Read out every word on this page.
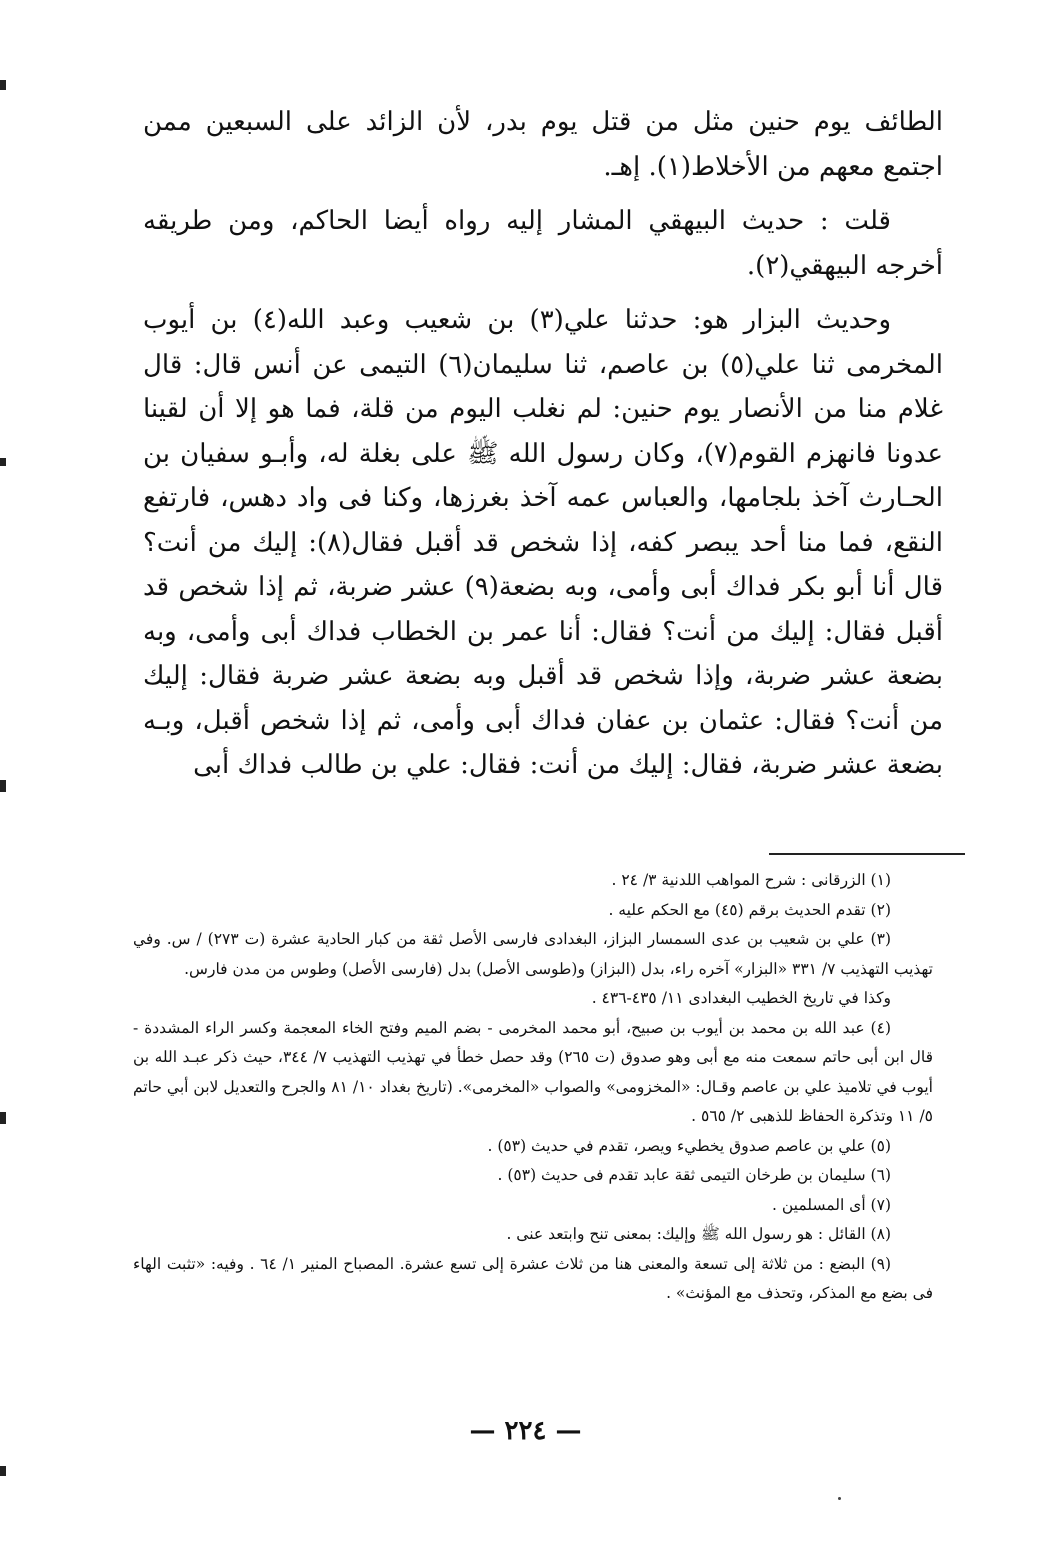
الطائف يوم حنين مثل من قتل يوم بدر، لأن الزائد على السبعين ممن اجتمع معهم من الأخلاط(١). إهـ.

قلت : حديث البيهقي المشار إليه رواه أيضا الحاكم، ومن طريقه أخرجه البيهقي(٢).

وحديث البزار هو: حدثنا علي(٣) بن شعيب وعبد الله(٤) بن أيوب المخرمى ثنا علي(٥) بن عاصم، ثنا سليمان(٦) التيمى عن أنس قال: قال غلام منا من الأنصار يوم حنين: لم نغلب اليوم من قلة، فما هو إلا أن لقينا عدونا فانهزم القوم(٧)، وكان رسول الله ﷺ على بغلة له، وأبـو سفيان بن الحـارث آخذ بلجامها، والعباس عمه آخذ بغرزها، وكنا فى واد دهس، فارتفع النقع، فما منا أحد يبصر كفه، إذا شخص قد أقبل فقال(٨): إليك من أنت؟ قال أنا أبو بكر فداك أبى وأمى، وبه بضعة(٩) عشر ضربة، ثم إذا شخص قد أقبل فقال: إليك من أنت؟ فقال: أنا عمر بن الخطاب فداك أبى وأمى، وبه بضعة عشر ضربة، وإذا شخص قد أقبل وبه بضعة عشر ضربة فقال: إليك من أنت؟ فقال: عثمان بن عفان فداك أبى وأمى، ثم إذا شخص أقبل، وبـه بضعة عشر ضربة، فقال: إليك من أنت: فقال: علي بن طالب فداك أبى

(١) الزرقانى : شرح المواهب اللدنية ٣/ ٢٤ .

(٢) تقدم الحديث برقم (٤٥) مع الحكم عليه .

(٣) علي بن شعيب بن عدى السمسار البزاز، البغدادى فارسى الأصل ثقة من كبار الحادية عشرة (ت ٢٧٣) / س. وفي تهذيب التهذيب ٧/ ٣٣١ «البزار» آخره راء، بدل (البزاز) و(طوسى الأصل) بدل (فارسى الأصل) وطوس من مدن فارس.

وكذا في تاريخ الخطيب البغدادى ١١/ ٤٣٥-٤٣٦ .

(٤) عبد الله بن محمد بن أيوب بن صبيح، أبو محمد المخرمى - بضم الميم وفتح الخاء المعجمة وكسر الراء المشددة - قال ابن أبى حاتم سمعت منه مع أبى وهو صدوق (ت ٢٦٥) وقد حصل خطأ في تهذيب التهذيب ٧/ ٣٤٤، حيث ذكر عبـد الله بن أيوب في تلاميذ علي بن عاصم وقـال: «المخزومى» والصواب «المخرمى». (تاريخ بغداد ١٠/ ٨١ والجرح والتعديل لابن أبي حاتم ٥/ ١١ وتذكرة الحفاظ للذهبى ٢/ ٥٦٥ .

(٥) علي بن عاصم صدوق يخطيء ويصر، تقدم في حديث (٥٣) .

(٦) سليمان بن طرخان التيمى ثقة عابد تقدم فى حديث (٥٣) .

(٧) أى المسلمين .

(٨) القائل : هو رسول الله ﷺ وإليك: بمعنى تنح وابتعد عنى .

(٩) البضع : من ثلاثة إلى تسعة والمعنى هنا من ثلاث عشرة إلى تسع عشرة. المصباح المنير ١/ ٦٤ . وفيه: «تثبت الهاء فى بضع مع المذكر، وتحذف مع المؤنث» .

— ٢٢٤ —
